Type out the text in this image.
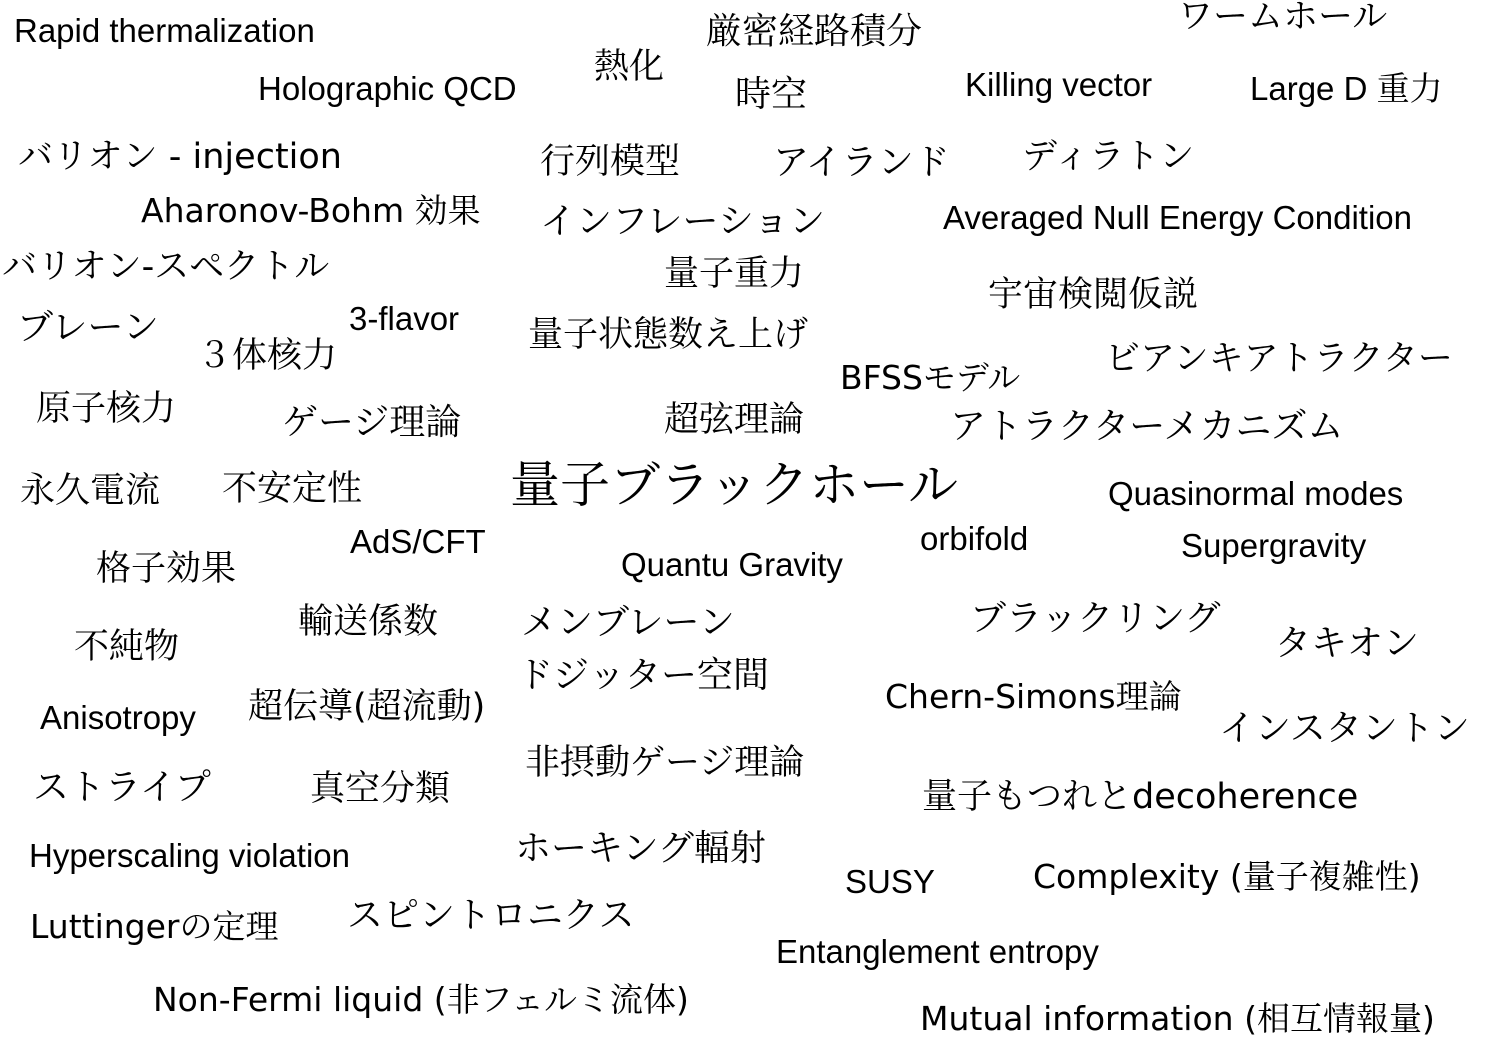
Rapid thermalization
熱化
厳密経路積分	ワームホール
Holographic QCD	時空	Killing vector	Large D 重力
バリオン - injection	行列模型	アイランド ディラトン
Aharonov-Bohm 効果 インフレーション	Averaged Null Energy Condition
バリオン-スペクトル	量子重力
宇宙検閲仮説
ブレーン	3-flavor 量子状態数え上げ
３体核力
BFSSモデル ビアンキアトラクター
原子核力	ゲージ理論	超弦理論	アトラクターメカニズム
永久電流 不安定性	量子ブラックホール	Quasinormal modes
AdS/CFT	orbifold	Supergravity
格子効果	Quantu Gravity
輸送係数 メンブレーン	ブラックリング
タキオン
不純物
ドジッター空間
Chern-Simons理論
Anisotropy 超伝導(超流動)
インスタントン
非摂動ゲージ理論
ストライプ	真空分類	量子もつれとdecoherence
Hyperscaling violation	ホーキング輻射
SUSY	Complexity (量子複雑性)
Luttingerの定理 スピントロニクス
Entanglement entropy
Non-Fermi liquid (非フェルミ流体)	Mutual information (相互情報量)
